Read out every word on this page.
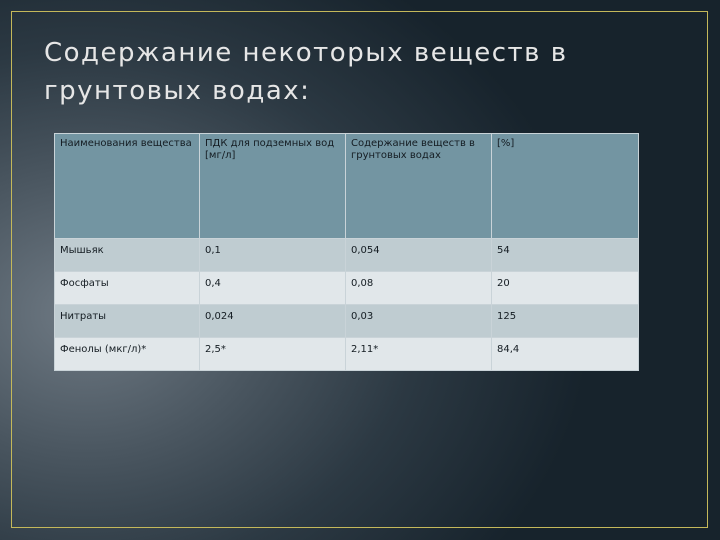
Содержание некоторых веществ в грунтовых водах:
Наименования вещества	ПДК для подземных вод [мг/л]	Содержание веществ в грунтовых водах	[%]
Мышьяк	0,1	0,054	54
Фосфаты	0,4	0,08	20
Нитраты	0,024	0,03	125
Фенолы (мкг/л)*	2,5*	2,11*	84,4
